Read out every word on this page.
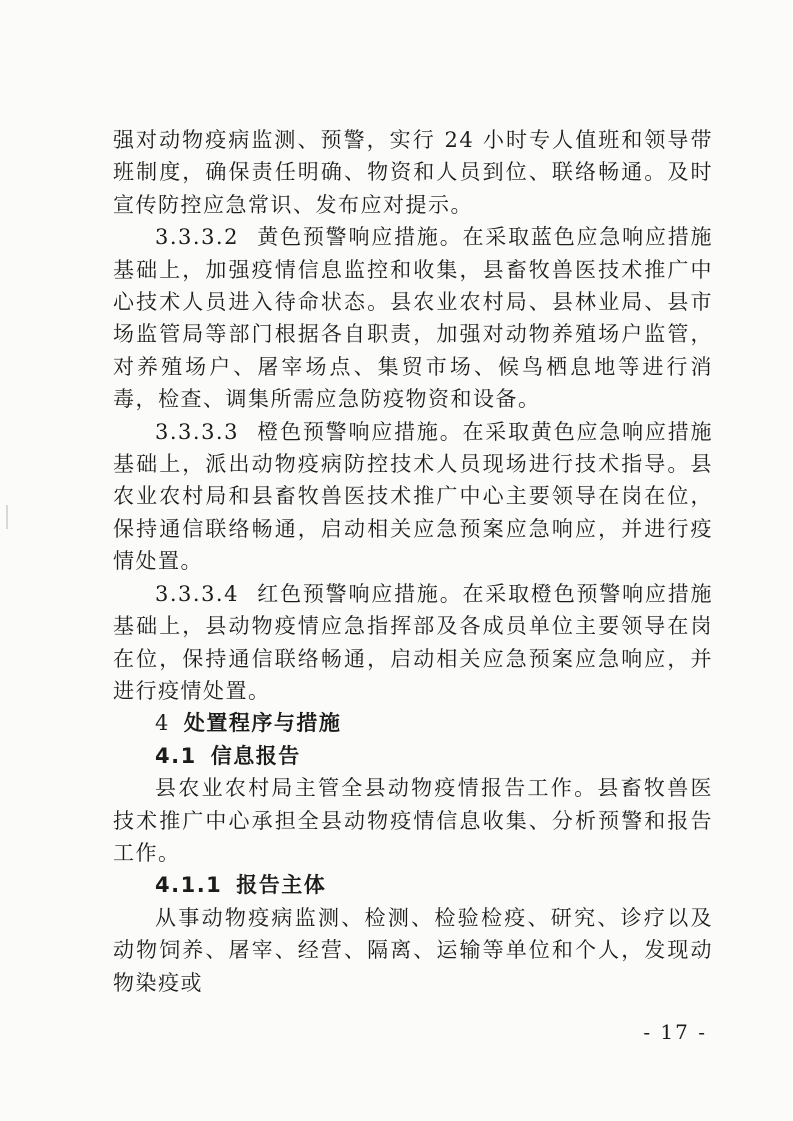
强对动物疫病监测、预警，实行 24 小时专人值班和领导带班制度，确保责任明确、物资和人员到位、联络畅通。及时宣传防控应急常识、发布应对提示。

3.3.3.2 黄色预警响应措施。在采取蓝色应急响应措施基础上，加强疫情信息监控和收集，县畜牧兽医技术推广中心技术人员进入待命状态。县农业农村局、县林业局、县市场监管局等部门根据各自职责，加强对动物养殖场户监管，对养殖场户、屠宰场点、集贸市场、候鸟栖息地等进行消毒，检查、调集所需应急防疫物资和设备。

3.3.3.3 橙色预警响应措施。在采取黄色应急响应措施基础上，派出动物疫病防控技术人员现场进行技术指导。县农业农村局和县畜牧兽医技术推广中心主要领导在岗在位，保持通信联络畅通，启动相关应急预案应急响应，并进行疫情处置。

3.3.3.4 红色预警响应措施。在采取橙色预警响应措施基础上，县动物疫情应急指挥部及各成员单位主要领导在岗在位，保持通信联络畅通，启动相关应急预案应急响应，并进行疫情处置。

4 处置程序与措施

4.1 信息报告

县农业农村局主管全县动物疫情报告工作。县畜牧兽医技术推广中心承担全县动物疫情信息收集、分析预警和报告工作。

4.1.1 报告主体

从事动物疫病监测、检测、检验检疫、研究、诊疗以及动物饲养、屠宰、经营、隔离、运输等单位和个人，发现动物染疫或

- 17 -
